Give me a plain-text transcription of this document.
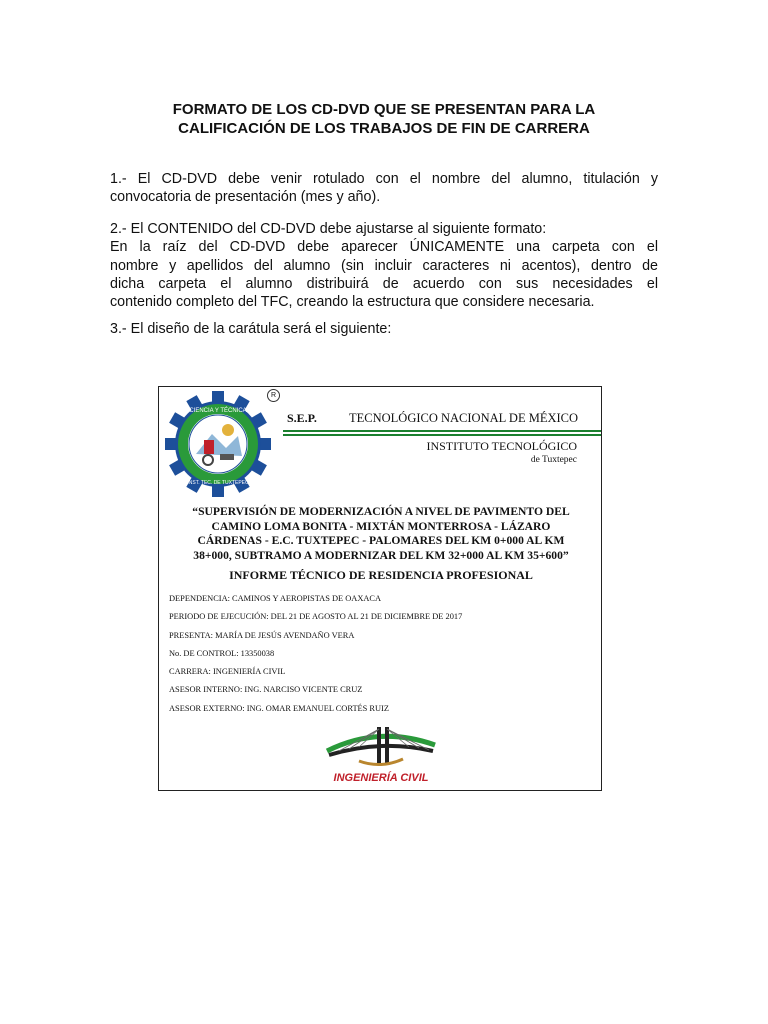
FORMATO DE LOS CD-DVD QUE SE PRESENTAN PARA LA
CALIFICACIÓN DE LOS TRABAJOS DE FIN DE CARRERA
1.- El CD-DVD debe venir rotulado con el nombre del alumno, titulación y
convocatoria de presentación (mes y año).
2.- El CONTENIDO del CD-DVD debe ajustarse al siguiente formato:
En la raíz del CD-DVD debe aparecer ÚNICAMENTE una carpeta con el
nombre y apellidos del alumno (sin incluir caracteres ni acentos), dentro de
dicha carpeta el alumno distribuirá de acuerdo con sus necesidades el
contenido completo del TFC, creando la estructura que considere necesaria.
3.- El diseño de la carátula será el siguiente:
CIENCIA Y TÉCNICA
INST. TEC. DE TUXTEPEC
R
S.E.P.	TECNOLÓGICO NACIONAL DE MÉXICO
INSTITUTO TECNOLÓGICO
de Tuxtepec
“SUPERVISIÓN DE MODERNIZACIÓN A NIVEL DE PAVIMENTO DEL
CAMINO LOMA BONITA - MIXTÁN MONTERROSA - LÁZARO
CÁRDENAS - E.C. TUXTEPEC - PALOMARES DEL KM 0+000 AL KM
38+000, SUBTRAMO A MODERNIZAR DEL KM 32+000 AL KM 35+600”
INFORME TÉCNICO DE RESIDENCIA PROFESIONAL
DEPENDENCIA: CAMINOS Y AEROPISTAS DE OAXACA
PERIODO DE EJECUCIÓN: DEL 21 DE AGOSTO AL 21 DE DICIEMBRE DE 2017
PRESENTA: MARÍA DE JESÚS AVENDAÑO VERA
No. DE CONTROL: 13350038
CARRERA: INGENIERÍA CIVIL
ASESOR INTERNO: ING. NARCISO VICENTE CRUZ
ASESOR EXTERNO: ING. OMAR EMANUEL CORTÉS RUIZ
INGENIERÍA CIVIL
